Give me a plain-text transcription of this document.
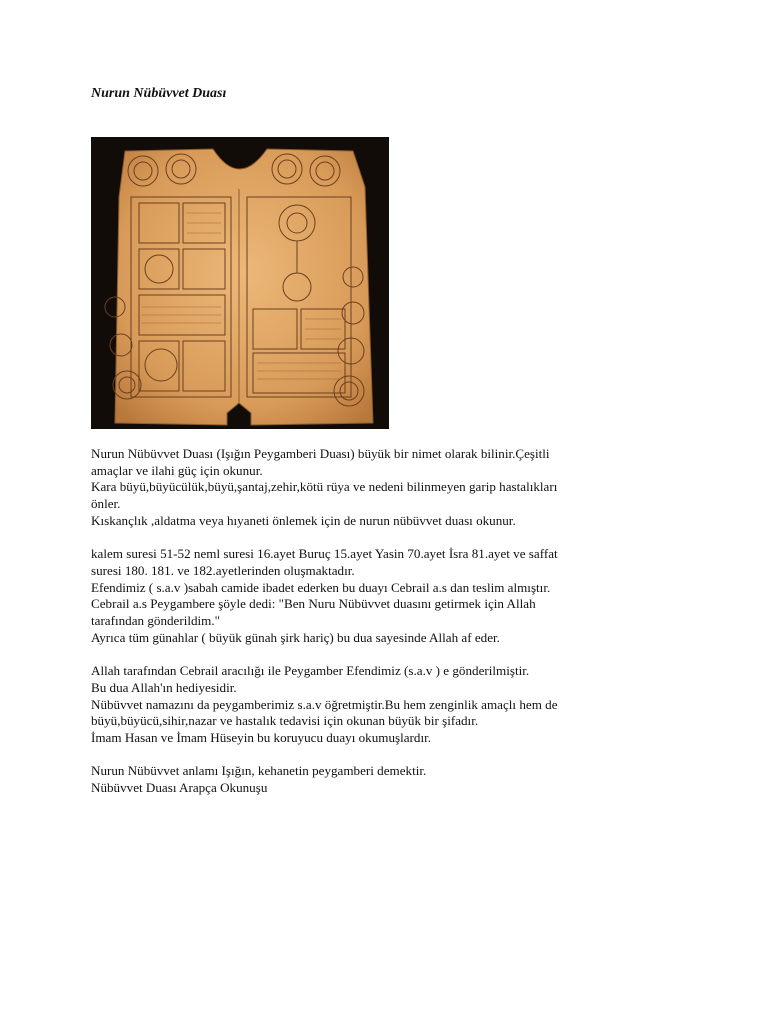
Nurun Nübüvvet Duası

Nurun Nübüvvet Duası (Işığın Peygamberi Duası) büyük bir nimet olarak bilinir.Çeşitli

amaçlar ve ilahi güç için okunur.

Kara büyü,büyücülük,büyü,şantaj,zehir,kötü rüya ve nedeni bilinmeyen garip hastalıkları

önler.

Kıskançlık ,aldatma veya hıyaneti önlemek için de nurun nübüvvet duası okunur.

kalem suresi 51-52 neml suresi 16.ayet Buruç 15.ayet Yasin 70.ayet İsra 81.ayet ve saffat

suresi 180. 181. ve 182.ayetlerinden oluşmaktadır.

Efendimiz ( s.a.v )sabah camide ibadet ederken bu duayı Cebrail a.s dan teslim almıştır.

Cebrail a.s Peygambere şöyle dedi: "Ben Nuru Nübüvvet duasını getirmek için Allah

tarafından gönderildim."

Ayrıca tüm günahlar ( büyük günah şirk hariç) bu dua sayesinde Allah af eder.

Allah tarafından Cebrail aracılığı ile Peygamber Efendimiz (s.a.v ) e gönderilmiştir.

Bu dua Allah'ın hediyesidir.

Nübüvvet namazını da peygamberimiz s.a.v öğretmiştir.Bu hem zenginlik amaçlı hem de

büyü,büyücü,sihir,nazar ve hastalık tedavisi için okunan büyük bir şifadır.

İmam Hasan ve İmam Hüseyin bu koruyucu duayı okumuşlardır.

Nurun Nübüvvet anlamı Işığın, kehanetin peygamberi demektir.

Nübüvvet Duası Arapça Okunuşu
